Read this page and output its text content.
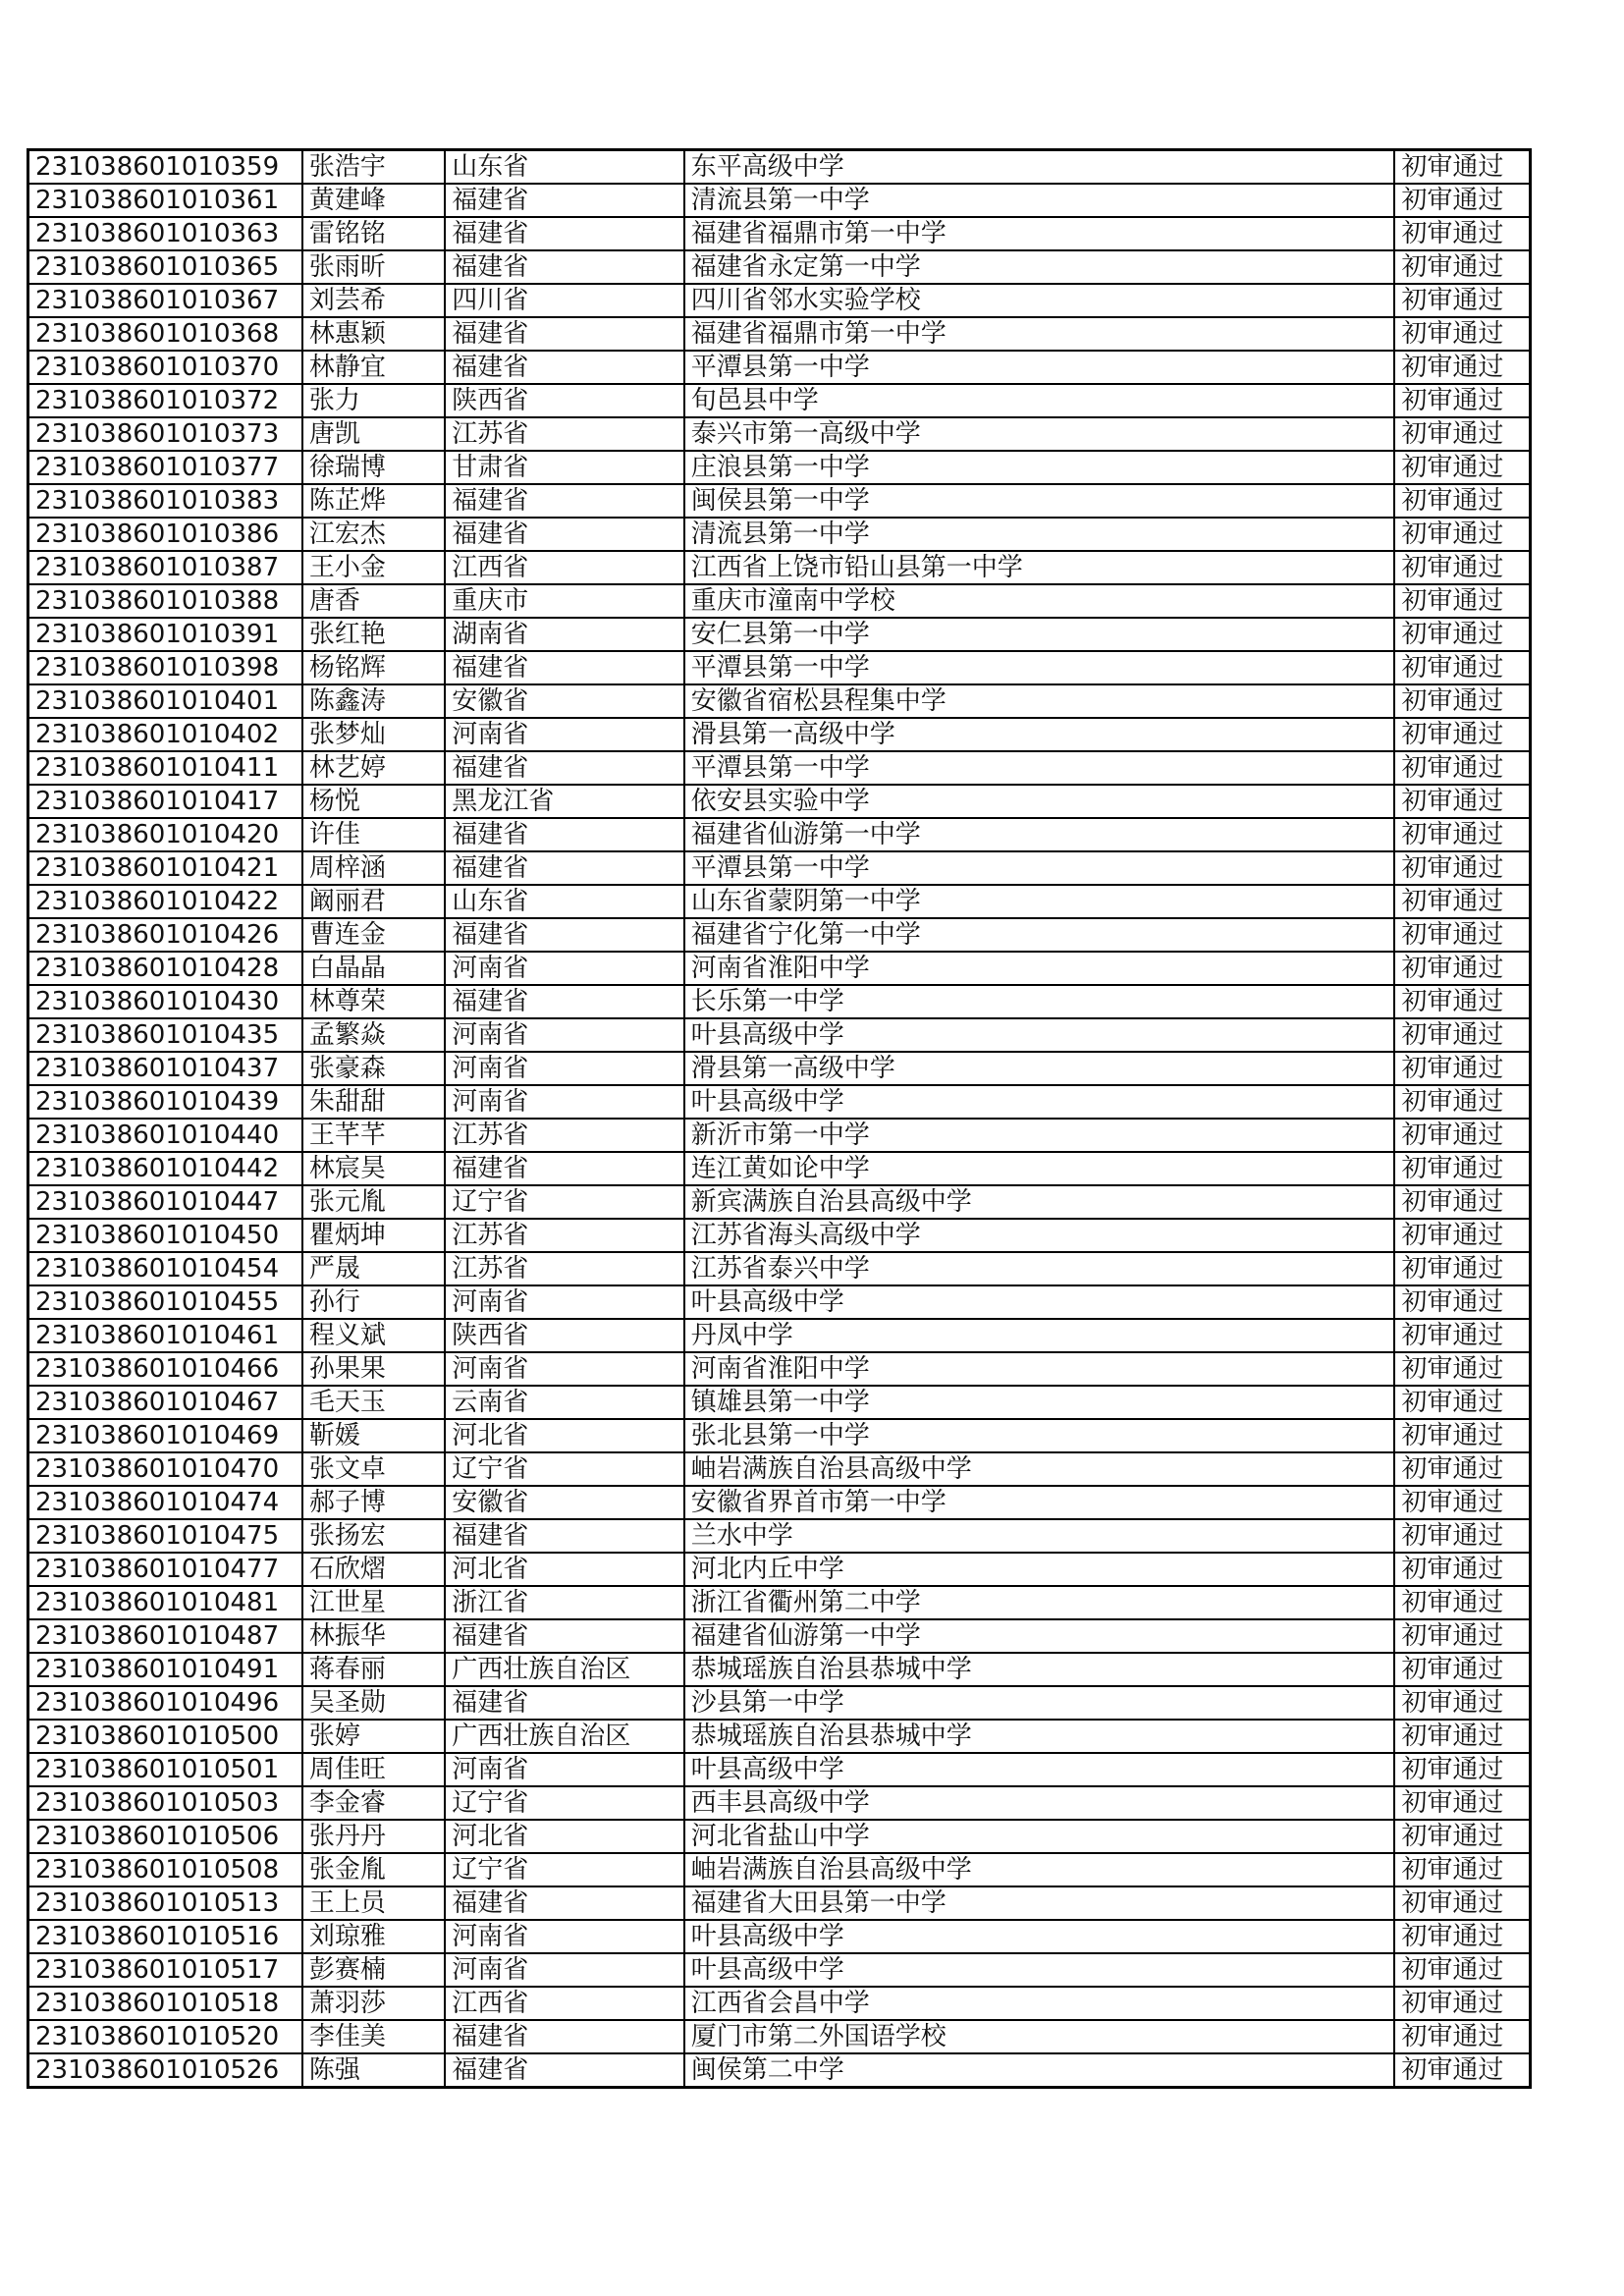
231038601010359	张浩宇	山东省	东平高级中学	初审通过
231038601010361	黄建峰	福建省	清流县第一中学	初审通过
231038601010363	雷铭铭	福建省	福建省福鼎市第一中学	初审通过
231038601010365	张雨昕	福建省	福建省永定第一中学	初审通过
231038601010367	刘芸希	四川省	四川省邻水实验学校	初审通过
231038601010368	林惠颖	福建省	福建省福鼎市第一中学	初审通过
231038601010370	林静宜	福建省	平潭县第一中学	初审通过
231038601010372	张力	陕西省	旬邑县中学	初审通过
231038601010373	唐凯	江苏省	泰兴市第一高级中学	初审通过
231038601010377	徐瑞博	甘肃省	庄浪县第一中学	初审通过
231038601010383	陈芷烨	福建省	闽侯县第一中学	初审通过
231038601010386	江宏杰	福建省	清流县第一中学	初审通过
231038601010387	王小金	江西省	江西省上饶市铅山县第一中学	初审通过
231038601010388	唐香	重庆市	重庆市潼南中学校	初审通过
231038601010391	张红艳	湖南省	安仁县第一中学	初审通过
231038601010398	杨铭辉	福建省	平潭县第一中学	初审通过
231038601010401	陈鑫涛	安徽省	安徽省宿松县程集中学	初审通过
231038601010402	张梦灿	河南省	滑县第一高级中学	初审通过
231038601010411	林艺婷	福建省	平潭县第一中学	初审通过
231038601010417	杨悦	黑龙江省	依安县实验中学	初审通过
231038601010420	许佳	福建省	福建省仙游第一中学	初审通过
231038601010421	周梓涵	福建省	平潭县第一中学	初审通过
231038601010422	阚丽君	山东省	山东省蒙阴第一中学	初审通过
231038601010426	曹连金	福建省	福建省宁化第一中学	初审通过
231038601010428	白晶晶	河南省	河南省淮阳中学	初审通过
231038601010430	林尊荣	福建省	长乐第一中学	初审通过
231038601010435	孟繁焱	河南省	叶县高级中学	初审通过
231038601010437	张豪森	河南省	滑县第一高级中学	初审通过
231038601010439	朱甜甜	河南省	叶县高级中学	初审通过
231038601010440	王芊芊	江苏省	新沂市第一中学	初审通过
231038601010442	林宸昊	福建省	连江黄如论中学	初审通过
231038601010447	张元胤	辽宁省	新宾满族自治县高级中学	初审通过
231038601010450	瞿炳坤	江苏省	江苏省海头高级中学	初审通过
231038601010454	严晟	江苏省	江苏省泰兴中学	初审通过
231038601010455	孙行	河南省	叶县高级中学	初审通过
231038601010461	程义斌	陕西省	丹凤中学	初审通过
231038601010466	孙果果	河南省	河南省淮阳中学	初审通过
231038601010467	毛天玉	云南省	镇雄县第一中学	初审通过
231038601010469	靳媛	河北省	张北县第一中学	初审通过
231038601010470	张文卓	辽宁省	岫岩满族自治县高级中学	初审通过
231038601010474	郝子博	安徽省	安徽省界首市第一中学	初审通过
231038601010475	张扬宏	福建省	兰水中学	初审通过
231038601010477	石欣熠	河北省	河北内丘中学	初审通过
231038601010481	江世星	浙江省	浙江省衢州第二中学	初审通过
231038601010487	林振华	福建省	福建省仙游第一中学	初审通过
231038601010491	蒋春丽	广西壮族自治区	恭城瑶族自治县恭城中学	初审通过
231038601010496	吴圣勋	福建省	沙县第一中学	初审通过
231038601010500	张婷	广西壮族自治区	恭城瑶族自治县恭城中学	初审通过
231038601010501	周佳旺	河南省	叶县高级中学	初审通过
231038601010503	李金睿	辽宁省	西丰县高级中学	初审通过
231038601010506	张丹丹	河北省	河北省盐山中学	初审通过
231038601010508	张金胤	辽宁省	岫岩满族自治县高级中学	初审通过
231038601010513	王上员	福建省	福建省大田县第一中学	初审通过
231038601010516	刘琼雅	河南省	叶县高级中学	初审通过
231038601010517	彭赛楠	河南省	叶县高级中学	初审通过
231038601010518	萧羽莎	江西省	江西省会昌中学	初审通过
231038601010520	李佳美	福建省	厦门市第二外国语学校	初审通过
231038601010526	陈强	福建省	闽侯第二中学	初审通过
